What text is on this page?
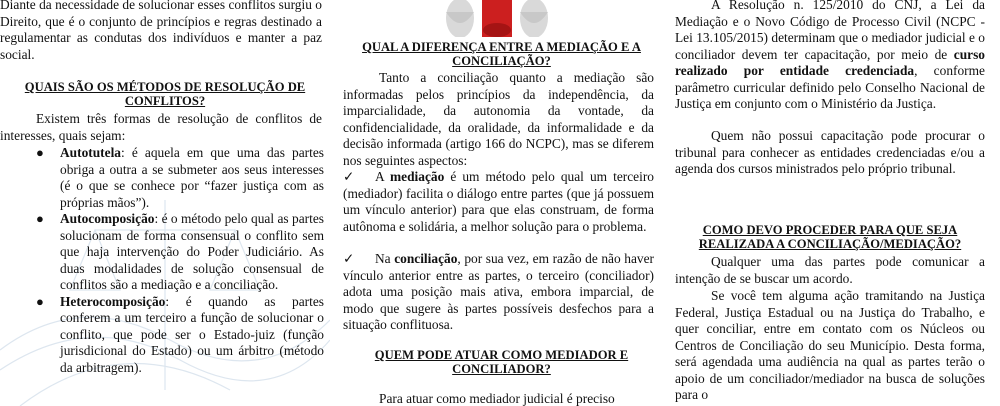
Diante da necessidade de solucionar esses conflitos surgiu o Direito, que é o conjunto de princípios e regras destinado a regulamentar as condutas dos indivíduos e manter a paz social.

QUAIS SÃO OS MÉTODOS DE RESOLUÇÃO DE CONFLITOS?

Existem três formas de resolução de conflitos de interesses, quais sejam:

● Autotutela: é aquela em que uma das partes obriga a outra a se submeter aos seus interesses (é o que se conhece por “fazer justiça com as próprias mãos”).
● Autocomposição: é o método pelo qual as partes solucionam de forma consensual o conflito sem que haja intervenção do Poder Judiciário. As duas modalidades de solução consensual de conflitos são a mediação e a conciliação.
● Heterocomposição: é quando as partes conferem a um terceiro a função de solucionar o conflito, que pode ser o Estado-juiz (função jurisdicional do Estado) ou um árbitro (método da arbitragem).

QUAL A DIFERENÇA ENTRE A MEDIAÇÃO E A CONCILIAÇÃO?

Tanto a conciliação quanto a mediação são informadas pelos princípios da independência, da imparcialidade, da autonomia da vontade, da confidencialidade, da oralidade, da informalidade e da decisão informada (artigo 166 do NCPC), mas se diferem nos seguintes aspectos:

✓ A mediação é um método pelo qual um terceiro (mediador) facilita o diálogo entre partes (que já possuem um vínculo anterior) para que elas construam, de forma autônoma e solidária, a melhor solução para o problema.

✓ Na conciliação, por sua vez, em razão de não haver vínculo anterior entre as partes, o terceiro (conciliador) adota uma posição mais ativa, embora imparcial, de modo que sugere às partes possíveis desfechos para a situação conflituosa.

QUEM PODE ATUAR COMO MEDIADOR E CONCILIADOR?

Para atuar como mediador judicial é preciso

A Resolução n. 125/2010 do CNJ, a Lei da Mediação e o Novo Código de Processo Civil (NCPC - Lei 13.105/2015) determinam que o mediador judicial e o conciliador devem ter capacitação, por meio de curso realizado por entidade credenciada, conforme parâmetro curricular definido pelo Conselho Nacional de Justiça em conjunto com o Ministério da Justiça.

Quem não possui capacitação pode procurar o tribunal para conhecer as entidades credenciadas e/ou a agenda dos cursos ministrados pelo próprio tribunal.

COMO DEVO PROCEDER PARA QUE SEJA REALIZADA A CONCILIAÇÃO/MEDIAÇÃO?

Qualquer uma das partes pode comunicar a intenção de se buscar um acordo.

Se você tem alguma ação tramitando na Justiça Federal, Justiça Estadual ou na Justiça do Trabalho, e quer conciliar, entre em contato com os Núcleos ou Centros de Conciliação do seu Município. Desta forma, será agendada uma audiência na qual as partes terão o apoio de um conciliador/mediador na busca de soluções para o
